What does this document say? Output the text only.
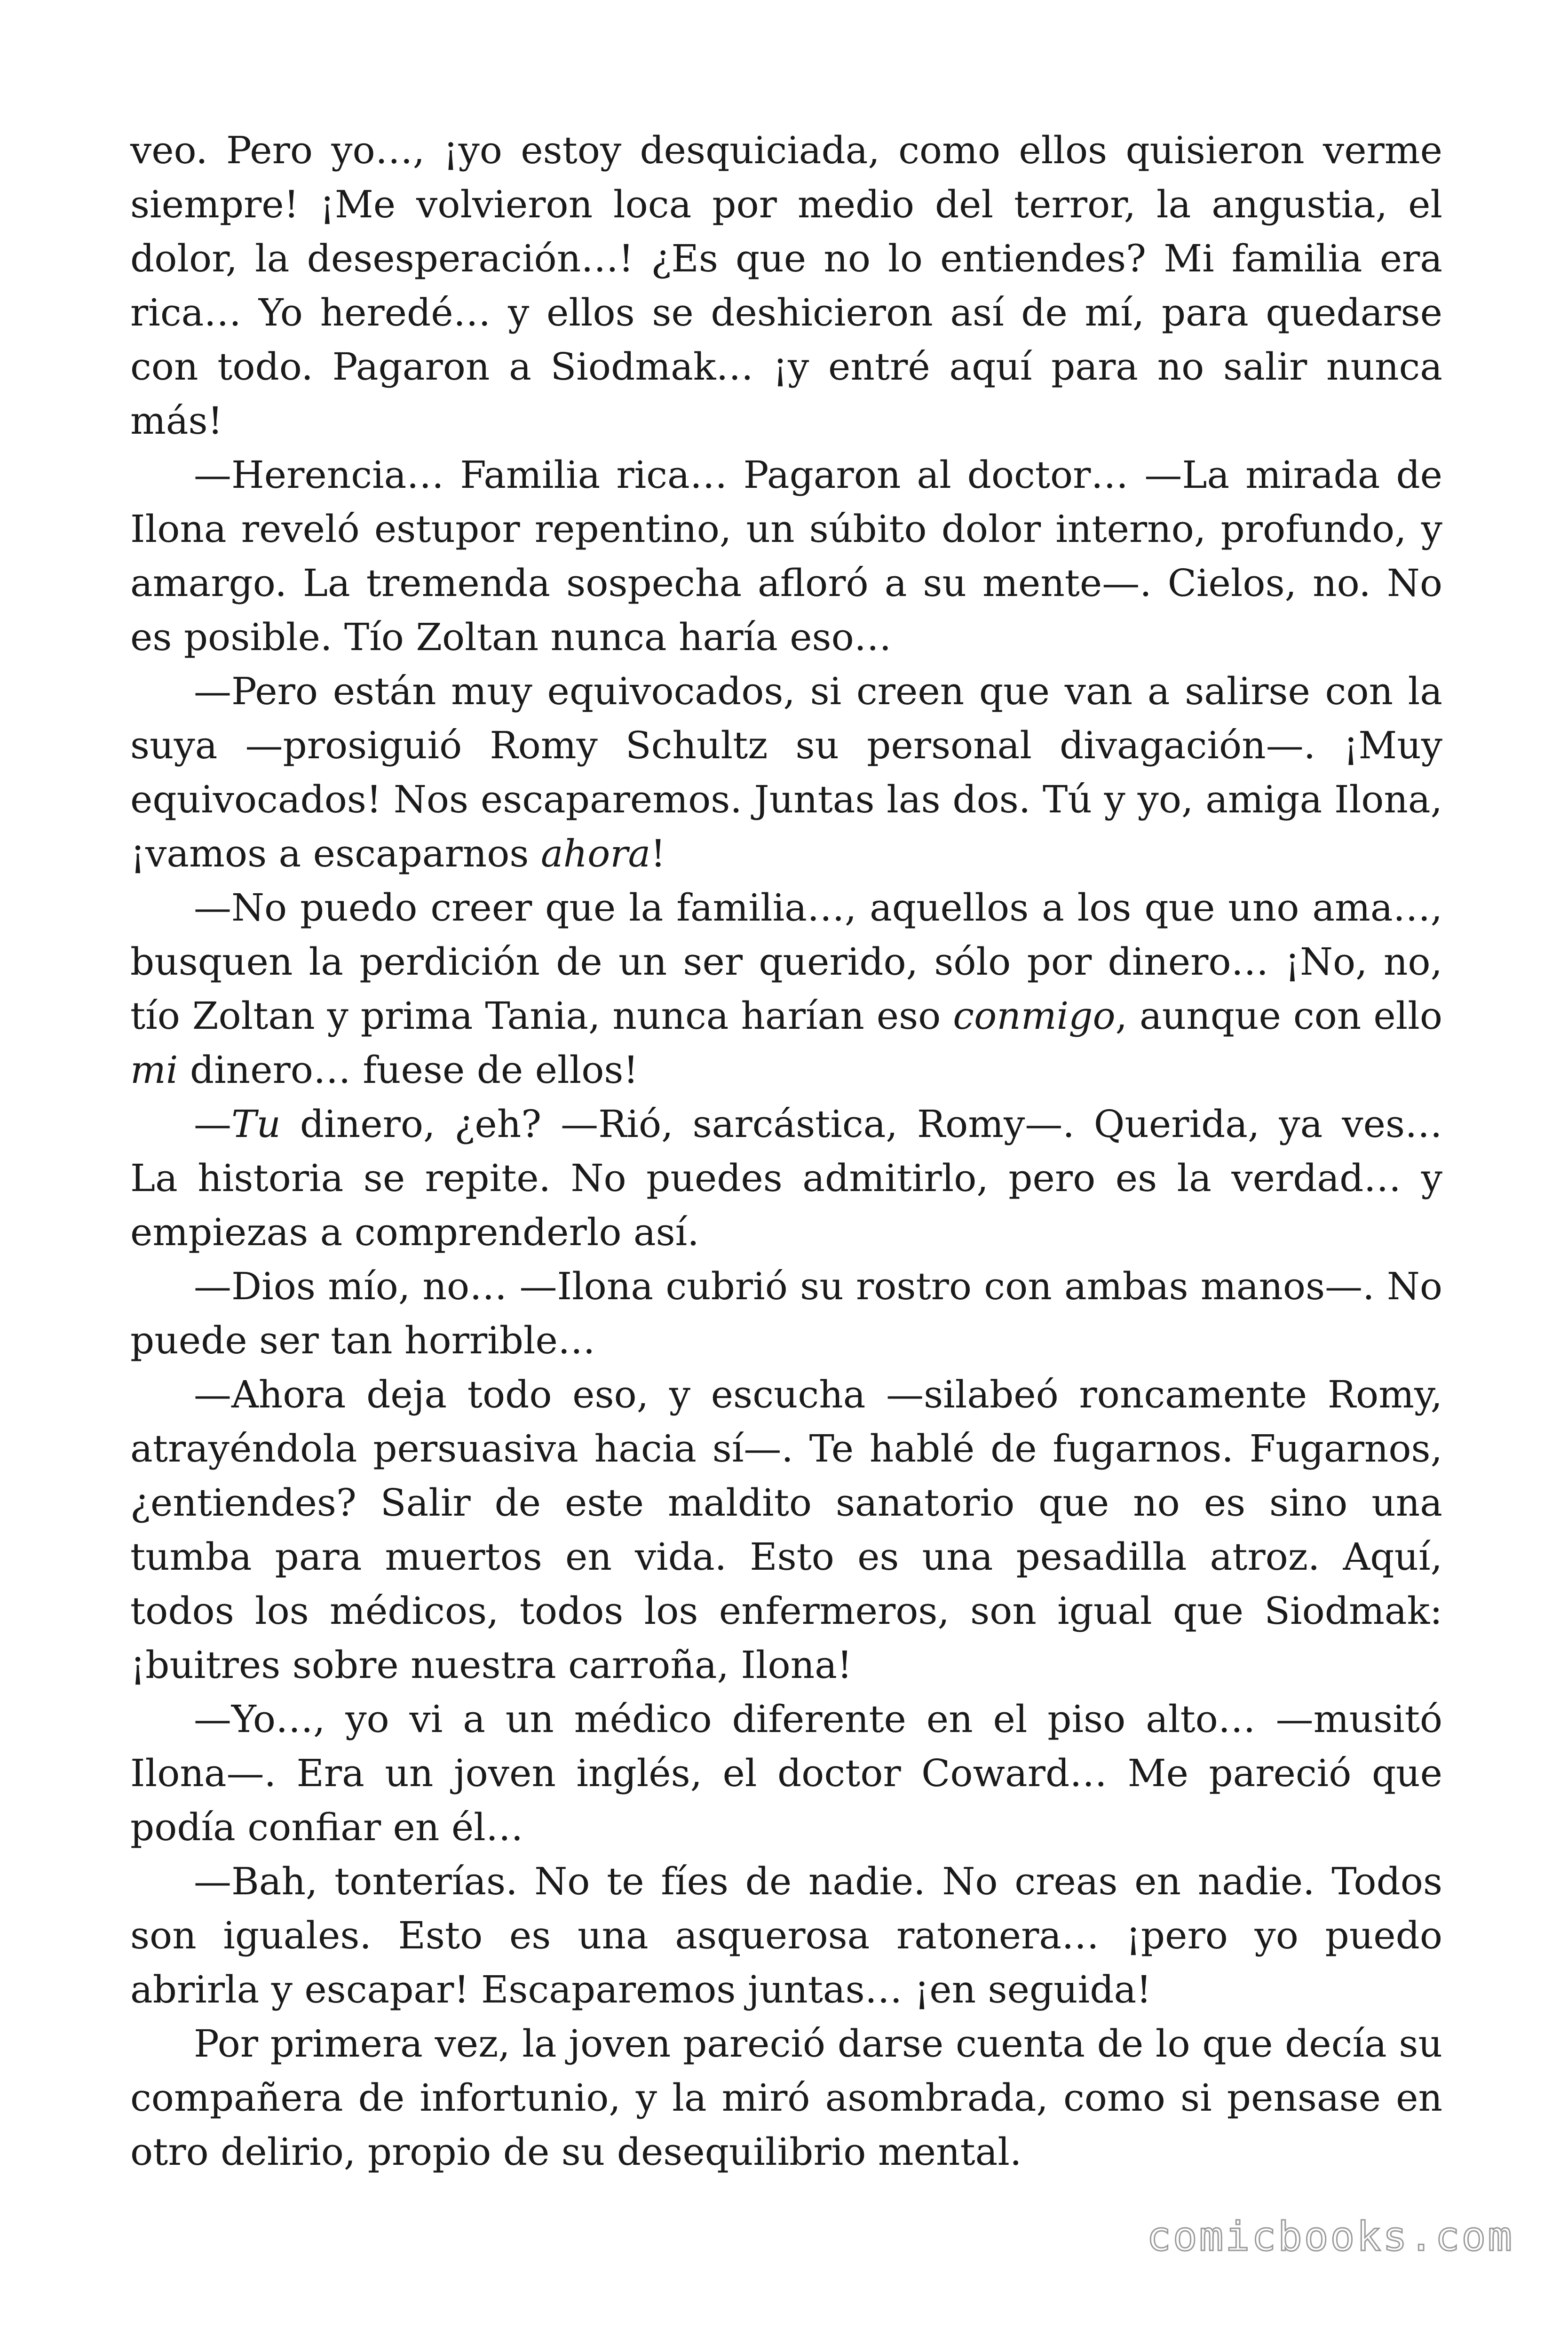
veo. Pero yo…, ¡yo estoy desquiciada, como ellos quisieron verme siempre! ¡Me volvieron loca por medio del terror, la angustia, el dolor, la desesperación…! ¿Es que no lo entiendes? Mi familia era rica… Yo heredé… y ellos se deshicieron así de mí, para quedarse con todo. Pagaron a Siodmak… ¡y entré aquí para no salir nunca más!

—Herencia… Familia rica… Pagaron al doctor… —La mirada de Ilona reveló estupor repentino, un súbito dolor interno, profundo, y amargo. La tremenda sospecha afloró a su mente—. Cielos, no. No es posible. Tío Zoltan nunca haría eso…

—Pero están muy equivocados, si creen que van a salirse con la suya —prosiguió Romy Schultz su personal divagación—. ¡Muy equivocados! Nos escaparemos. Juntas las dos. Tú y yo, amiga Ilona, ¡vamos a escaparnos ahora!

—No puedo creer que la familia…, aquellos a los que uno ama…, busquen la perdición de un ser querido, sólo por dinero… ¡No, no, tío Zoltan y prima Tania, nunca harían eso conmigo, aunque con ello mi dinero… fuese de ellos!

—Tu dinero, ¿eh? —Rió, sarcástica, Romy—. Querida, ya ves… La historia se repite. No puedes admitirlo, pero es la verdad… y empiezas a comprenderlo así.

—Dios mío, no… —Ilona cubrió su rostro con ambas manos—. No puede ser tan horrible…

—Ahora deja todo eso, y escucha —silabeó roncamente Romy, atrayéndola persuasiva hacia sí—. Te hablé de fugarnos. Fugarnos, ¿entiendes? Salir de este maldito sanatorio que no es sino una tumba para muertos en vida. Esto es una pesadilla atroz. Aquí, todos los médicos, todos los enfermeros, son igual que Siodmak: ¡buitres sobre nuestra carroña, Ilona!

—Yo…, yo vi a un médico diferente en el piso alto… —musitó Ilona—. Era un joven inglés, el doctor Coward… Me pareció que podía confiar en él…

—Bah, tonterías. No te fíes de nadie. No creas en nadie. Todos son iguales. Esto es una asquerosa ratonera… ¡pero yo puedo abrirla y escapar! Escaparemos juntas… ¡en seguida!

Por primera vez, la joven pareció darse cuenta de lo que decía su compañera de infortunio, y la miró asombrada, como si pensase en otro delirio, propio de su desequilibrio mental.

comicbooks.com
